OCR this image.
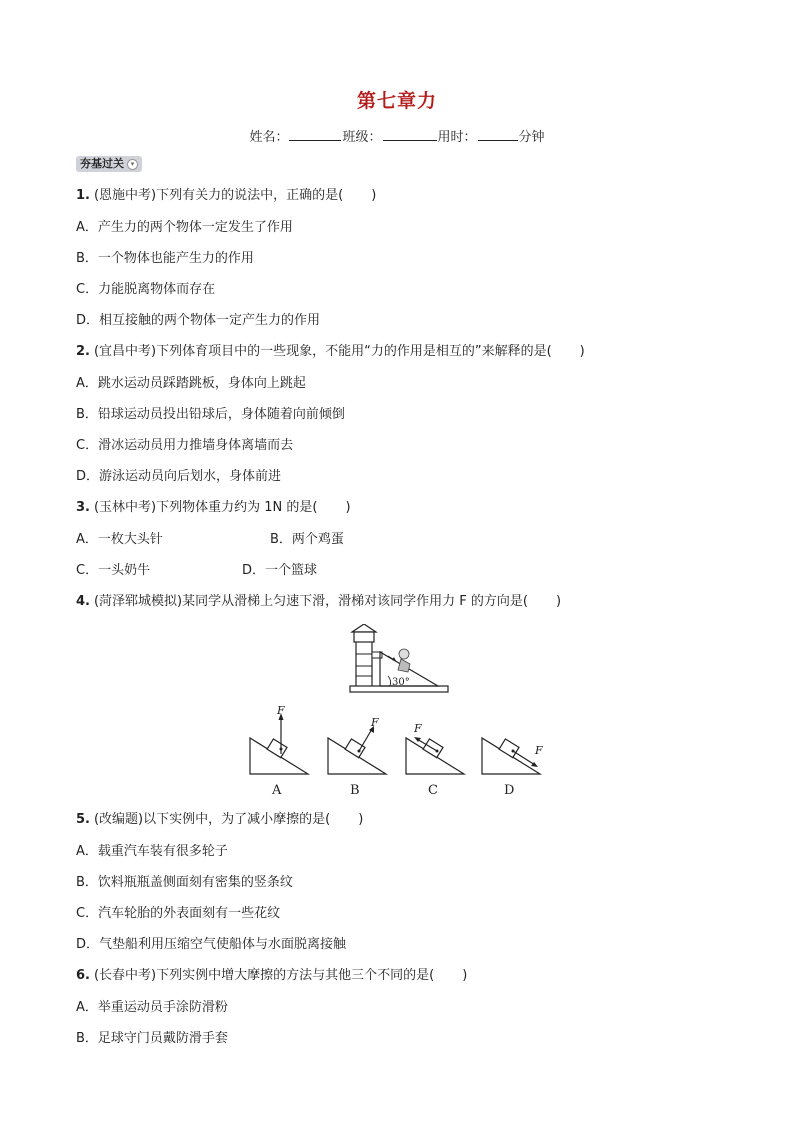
第七章力
姓名：	班级：	用时：	分钟
夯基过关 ▾
1. (恩施中考)下列有关力的说法中，正确的是( )
A．产生力的两个物体一定发生了作用
B．一个物体也能产生力的作用
C．力能脱离物体而存在
D．相互接触的两个物体一定产生力的作用
2. (宜昌中考)下列体育项目中的一些现象，不能用“力的作用是相互的”来解释的是( )
A．跳水运动员踩踏跳板，身体向上跳起
B．铅球运动员投出铅球后，身体随着向前倾倒
C．滑冰运动员用力推墙身体离墙而去
D．游泳运动员向后划水，身体前进
3. (玉林中考)下列物体重力约为 1N 的是( )
A．一枚大头针	B．两个鸡蛋
C．一头奶牛	D．一个篮球
4. (菏泽郓城模拟)某同学从滑梯上匀速下滑，滑梯对该同学作用力 F 的方向是( )
30°
F
A
F
B
F
C
F
D
5. (改编题)以下实例中，为了减小摩擦的是( )
A．载重汽车装有很多轮子
B．饮料瓶瓶盖侧面刻有密集的竖条纹
C．汽车轮胎的外表面刻有一些花纹
D．气垫船利用压缩空气使船体与水面脱离接触
6. (长春中考)下列实例中增大摩擦的方法与其他三个不同的是( )
A．举重运动员手涂防滑粉
B．足球守门员戴防滑手套
